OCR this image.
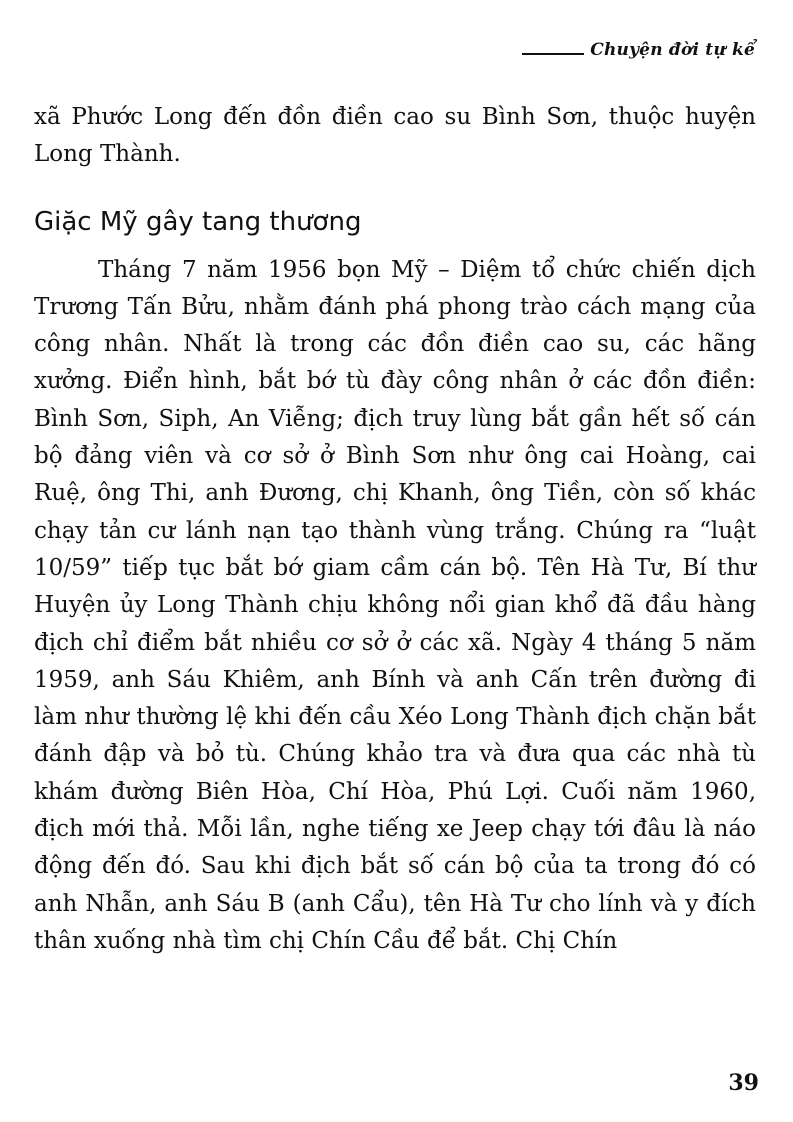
Chuyện đời tự kể

xã Phước Long đến đồn điền cao su Bình Sơn, thuộc huyện Long Thành.

Giặc Mỹ gây tang thương

Tháng 7 năm 1956 bọn Mỹ – Diệm tổ chức chiến dịch Trương Tấn Bửu, nhằm đánh phá phong trào cách mạng của công nhân. Nhất là trong các đồn điền cao su, các hãng xưởng. Điển hình, bắt bớ tù đày công nhân ở các đồn điền: Bình Sơn, Siph, An Viễng; địch truy lùng bắt gần hết số cán bộ đảng viên và cơ sở ở Bình Sơn như ông cai Hoàng, cai Ruệ, ông Thi, anh Đương, chị Khanh, ông Tiền, còn số khác chạy tản cư lánh nạn tạo thành vùng trắng. Chúng ra “luật 10/59” tiếp tục bắt bớ giam cầm cán bộ. Tên Hà Tư, Bí thư Huyện ủy Long Thành chịu không nổi gian khổ đã đầu hàng địch chỉ điểm bắt nhiều cơ sở ở các xã. Ngày 4 tháng 5 năm 1959, anh Sáu Khiêm, anh Bính và anh Cấn trên đường đi làm như thường lệ khi đến cầu Xéo Long Thành địch chặn bắt đánh đập và bỏ tù. Chúng khảo tra và đưa qua các nhà tù khám đường Biên Hòa, Chí Hòa, Phú Lợi. Cuối năm 1960, địch mới thả. Mỗi lần, nghe tiếng xe Jeep chạy tới đâu là náo động đến đó. Sau khi địch bắt số cán bộ của ta trong đó có anh Nhẫn, anh Sáu B (anh Cẩu), tên Hà Tư cho lính và y đích thân xuống nhà tìm chị Chín Cầu để bắt. Chị Chín

39
